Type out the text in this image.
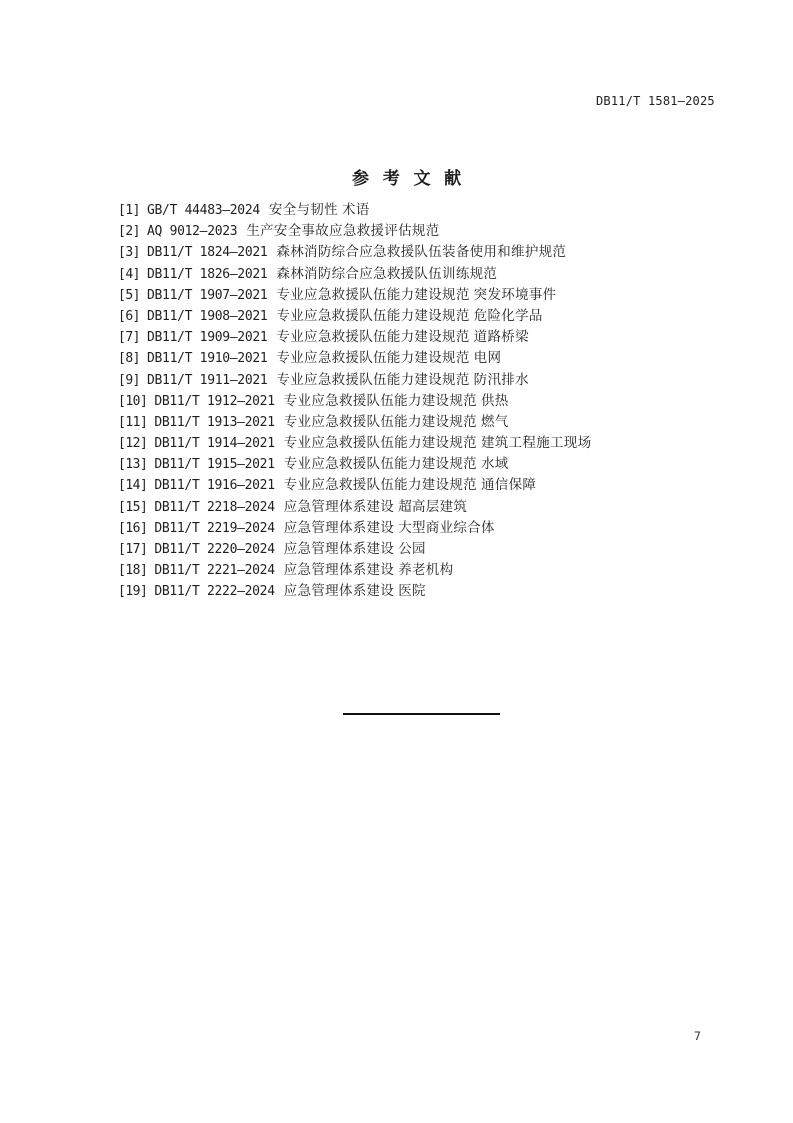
DB11/T 1581—2025
参 考 文 献
[1] GB/T 44483—2024 安全与韧性 术语
[2] AQ 9012—2023 生产安全事故应急救援评估规范
[3] DB11/T 1824—2021 森林消防综合应急救援队伍装备使用和维护规范
[4] DB11/T 1826—2021 森林消防综合应急救援队伍训练规范
[5] DB11/T 1907—2021 专业应急救援队伍能力建设规范 突发环境事件
[6] DB11/T 1908—2021 专业应急救援队伍能力建设规范 危险化学品
[7] DB11/T 1909—2021 专业应急救援队伍能力建设规范 道路桥梁
[8] DB11/T 1910—2021 专业应急救援队伍能力建设规范 电网
[9] DB11/T 1911—2021 专业应急救援队伍能力建设规范 防汛排水
[10] DB11/T 1912—2021 专业应急救援队伍能力建设规范 供热
[11] DB11/T 1913—2021 专业应急救援队伍能力建设规范 燃气
[12] DB11/T 1914—2021 专业应急救援队伍能力建设规范 建筑工程施工现场
[13] DB11/T 1915—2021 专业应急救援队伍能力建设规范 水域
[14] DB11/T 1916—2021 专业应急救援队伍能力建设规范 通信保障
[15] DB11/T 2218—2024 应急管理体系建设 超高层建筑
[16] DB11/T 2219—2024 应急管理体系建设 大型商业综合体
[17] DB11/T 2220—2024 应急管理体系建设 公园
[18] DB11/T 2221—2024 应急管理体系建设 养老机构
[19] DB11/T 2222—2024 应急管理体系建设 医院
7
